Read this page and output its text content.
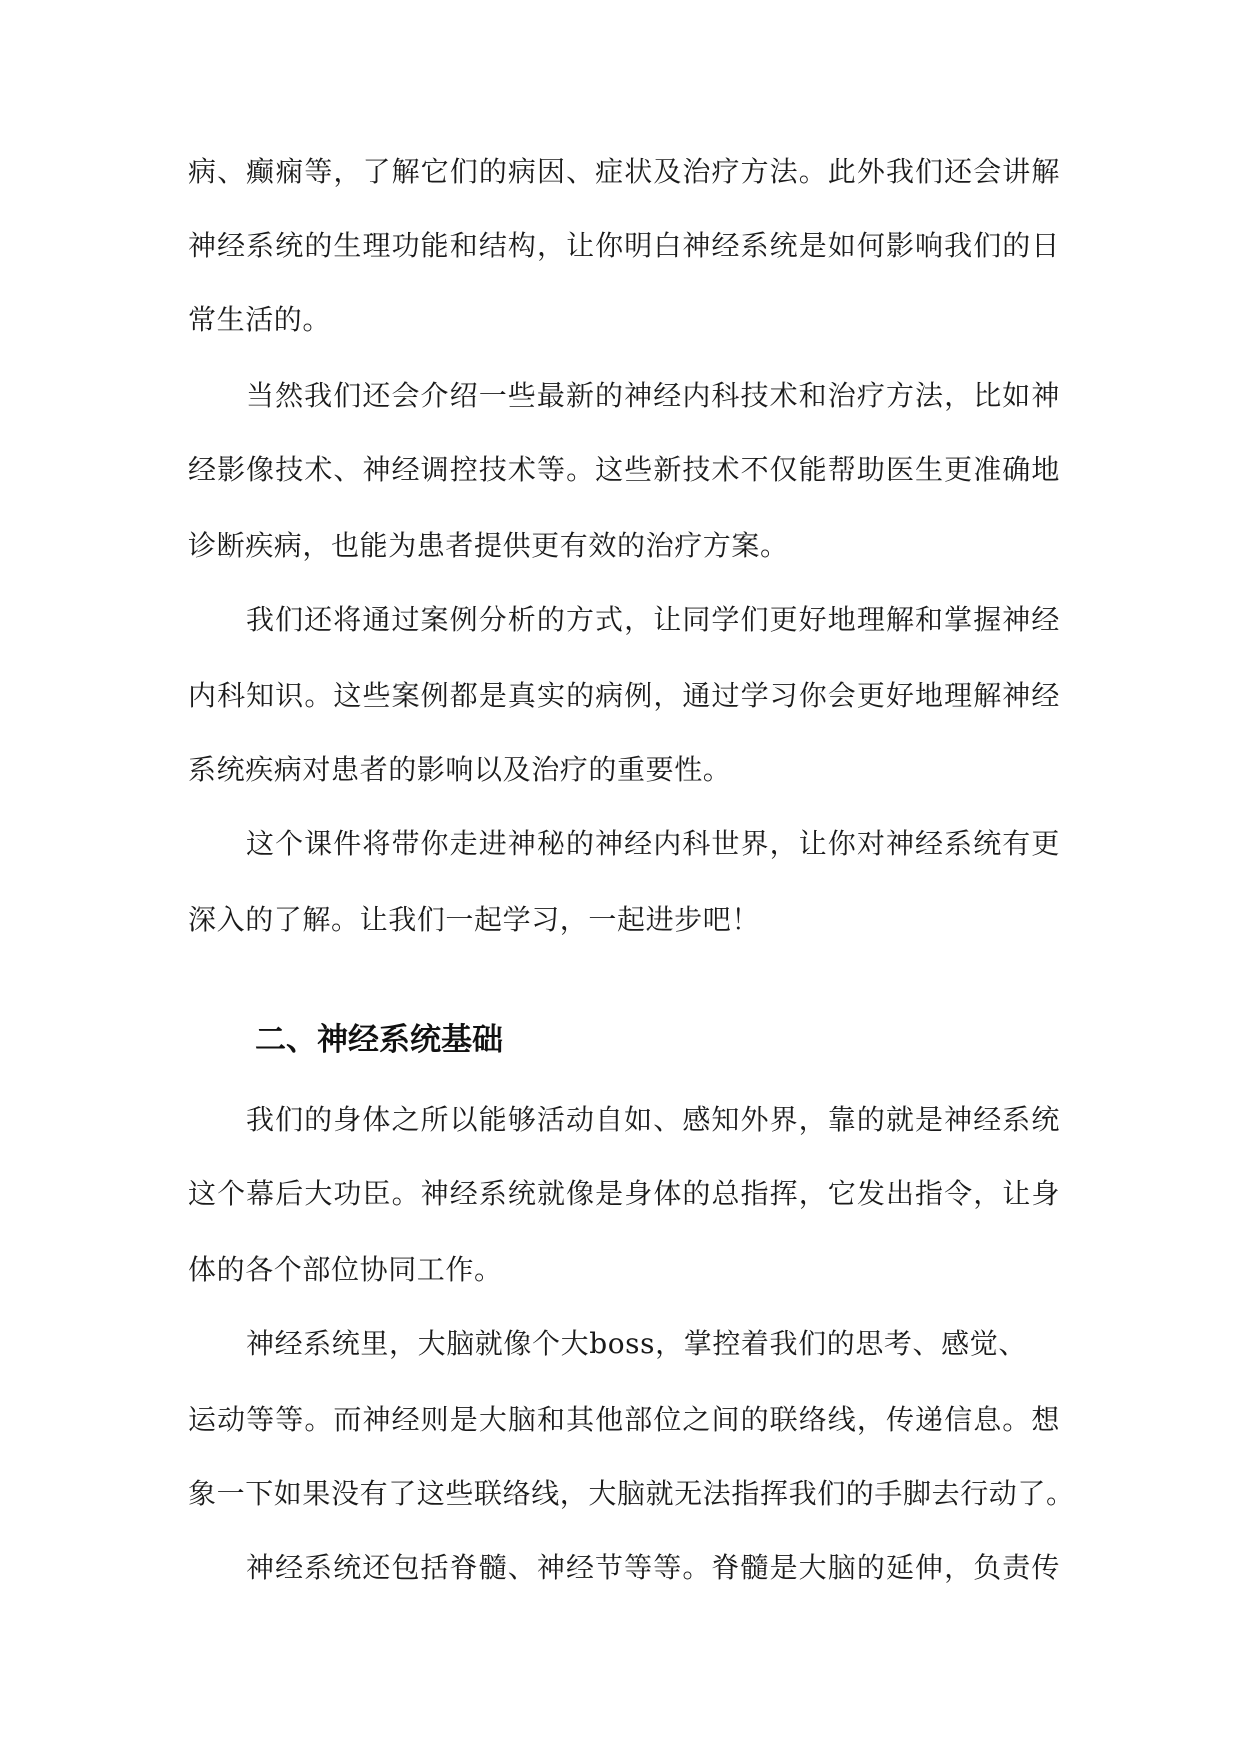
病、癫痫等，了解它们的病因、症状及治疗方法。此外我们还会讲解
神经系统的生理功能和结构，让你明白神经系统是如何影响我们的日
常生活的。
当然我们还会介绍一些最新的神经内科技术和治疗方法，比如神
经影像技术、神经调控技术等。这些新技术不仅能帮助医生更准确地
诊断疾病，也能为患者提供更有效的治疗方案。
我们还将通过案例分析的方式，让同学们更好地理解和掌握神经
内科知识。这些案例都是真实的病例，通过学习你会更好地理解神经
系统疾病对患者的影响以及治疗的重要性。
这个课件将带你走进神秘的神经内科世界，让你对神经系统有更
深入的了解。让我们一起学习，一起进步吧！
二、神经系统基础
我们的身体之所以能够活动自如、感知外界，靠的就是神经系统
这个幕后大功臣。神经系统就像是身体的总指挥，它发出指令，让身
体的各个部位协同工作。
神经系统里，大脑就像个大boss，掌控着我们的思考、感觉、
运动等等。而神经则是大脑和其他部位之间的联络线，传递信息。想
象一下如果没有了这些联络线，大脑就无法指挥我们的手脚去行动了。
神经系统还包括脊髓、神经节等等。脊髓是大脑的延伸，负责传
